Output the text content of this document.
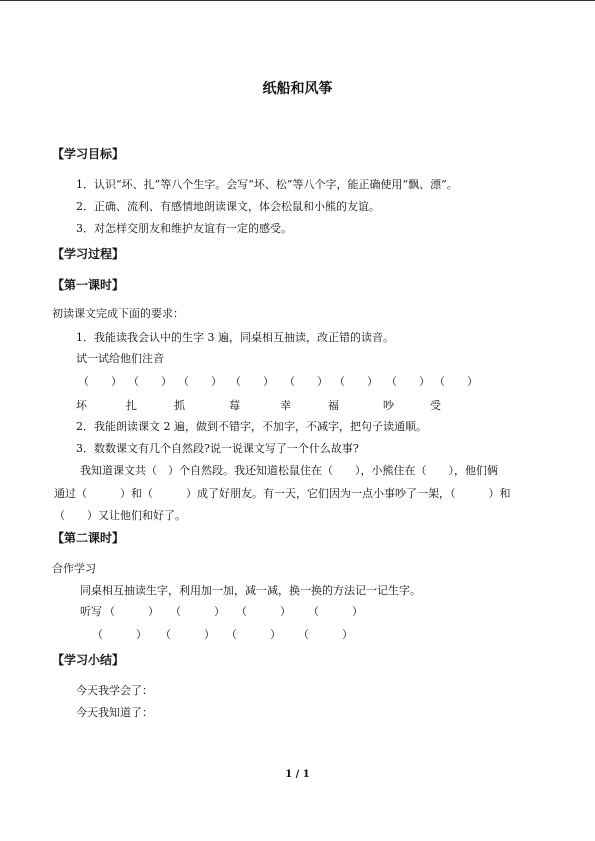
纸船和风筝
【学习目标】
1．认识“坏、扎”等八个生字。会写“坏、松”等八个字，能正确使用“飘、漂”。
2．正确、流利、有感情地朗读课文，体会松鼠和小熊的友谊。
3．对怎样交朋友和维护友谊有一定的感受。
【学习过程】
【第一课时】
初读课文完成下面的要求：
1．我能读我会认中的生字 3 遍，同桌相互抽读，改正错的读音。
试一试给他们注音
（　　） （　　） （　　） （　　） （　　） （　　） （　　） （　　）
坏	扎	抓	莓	幸	福	吵	受
2．我能朗读课文 2 遍，做到不错字，不加字，不减字，把句子读通顺。
3．数数课文有几个自然段?说一说课文写了一个什么故事?
我知道课文共（　）个自然段。我还知道松鼠住在（　　），小熊住在（　　），他们俩
通过（　　　）和（　　　）成了好朋友。有一天，它们因为一点小事吵了一架，（　　　）和
（　　）又让他们和好了。
【第二课时】
合作学习
同桌相互抽读生字，利用加一加，减一减，换一换的方法记一记生字。
听写 （　　　） （　　　） （　　　） （　　　）
（　　　） （　　　） （　　　） （　　　）
【学习小结】
今天我学会了：
今天我知道了：
1 / 1
